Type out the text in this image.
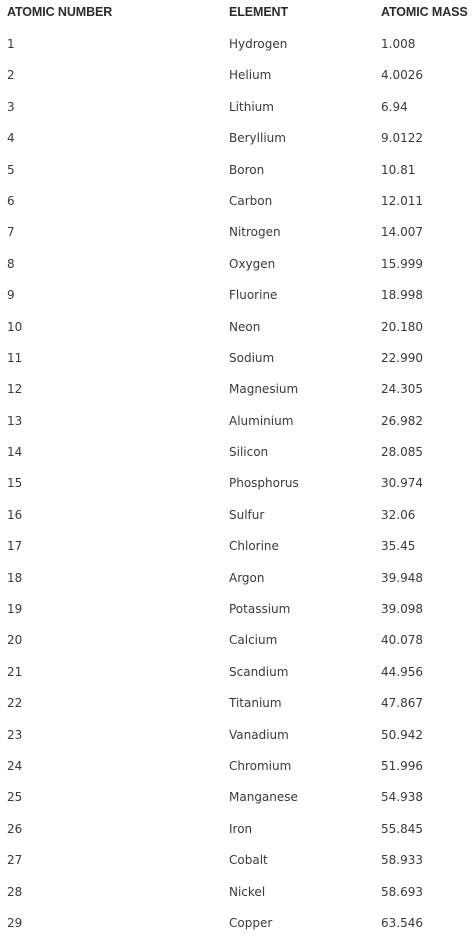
ATOMIC NUMBER	ELEMENT	ATOMIC MASS
1	Hydrogen	1.008
2	Helium	4.0026
3	Lithium	6.94
4	Beryllium	9.0122
5	Boron	10.81
6	Carbon	12.011
7	Nitrogen	14.007
8	Oxygen	15.999
9	Fluorine	18.998
10	Neon	20.180
11	Sodium	22.990
12	Magnesium	24.305
13	Aluminium	26.982
14	Silicon	28.085
15	Phosphorus	30.974
16	Sulfur	32.06
17	Chlorine	35.45
18	Argon	39.948
19	Potassium	39.098
20	Calcium	40.078
21	Scandium	44.956
22	Titanium	47.867
23	Vanadium	50.942
24	Chromium	51.996
25	Manganese	54.938
26	Iron	55.845
27	Cobalt	58.933
28	Nickel	58.693
29	Copper	63.546
